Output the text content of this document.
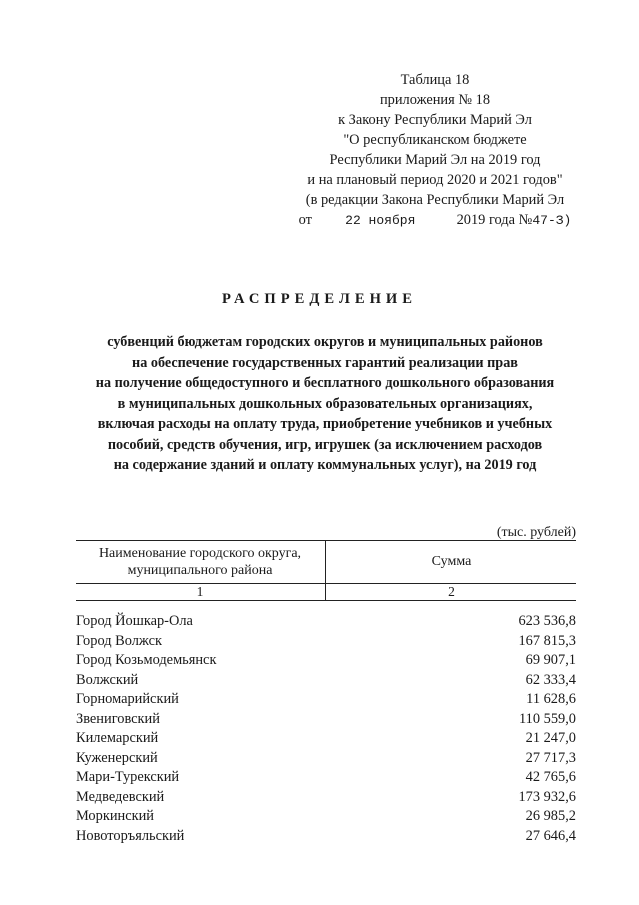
Таблица 18
приложения № 18
к Закону Республики Марий Эл
"О республиканском бюджете
Республики Марий Эл на 2019 год
и на плановый период 2020 и 2021 годов"
(в редакции Закона Республики Марий Эл
от	22 ноября	2019 года №47-З)
РАСПРЕДЕЛЕНИЕ
субвенций бюджетам городских округов и муниципальных районов
на обеспечение государственных гарантий реализации прав
на получение общедоступного и бесплатного дошкольного образования
в муниципальных дошкольных образовательных организациях,
включая расходы на оплату труда, приобретение учебников и учебных
пособий, средств обучения, игр, игрушек (за исключением расходов
на содержание зданий и оплату коммунальных услуг), на 2019 год
(тыс. рублей)
Наименование городского округа,
муниципального района
Сумма
1	2
Город Йошкар-Ола	623 536,8
Город Волжск	167 815,3
Город Козьмодемьянск	69 907,1
Волжский	62 333,4
Горномарийский	11 628,6
Звениговский	110 559,0
Килемарский	21 247,0
Куженерский	27 717,3
Мари-Турекский	42 765,6
Медведевский	173 932,6
Моркинский	26 985,2
Новоторъяльский	27 646,4
